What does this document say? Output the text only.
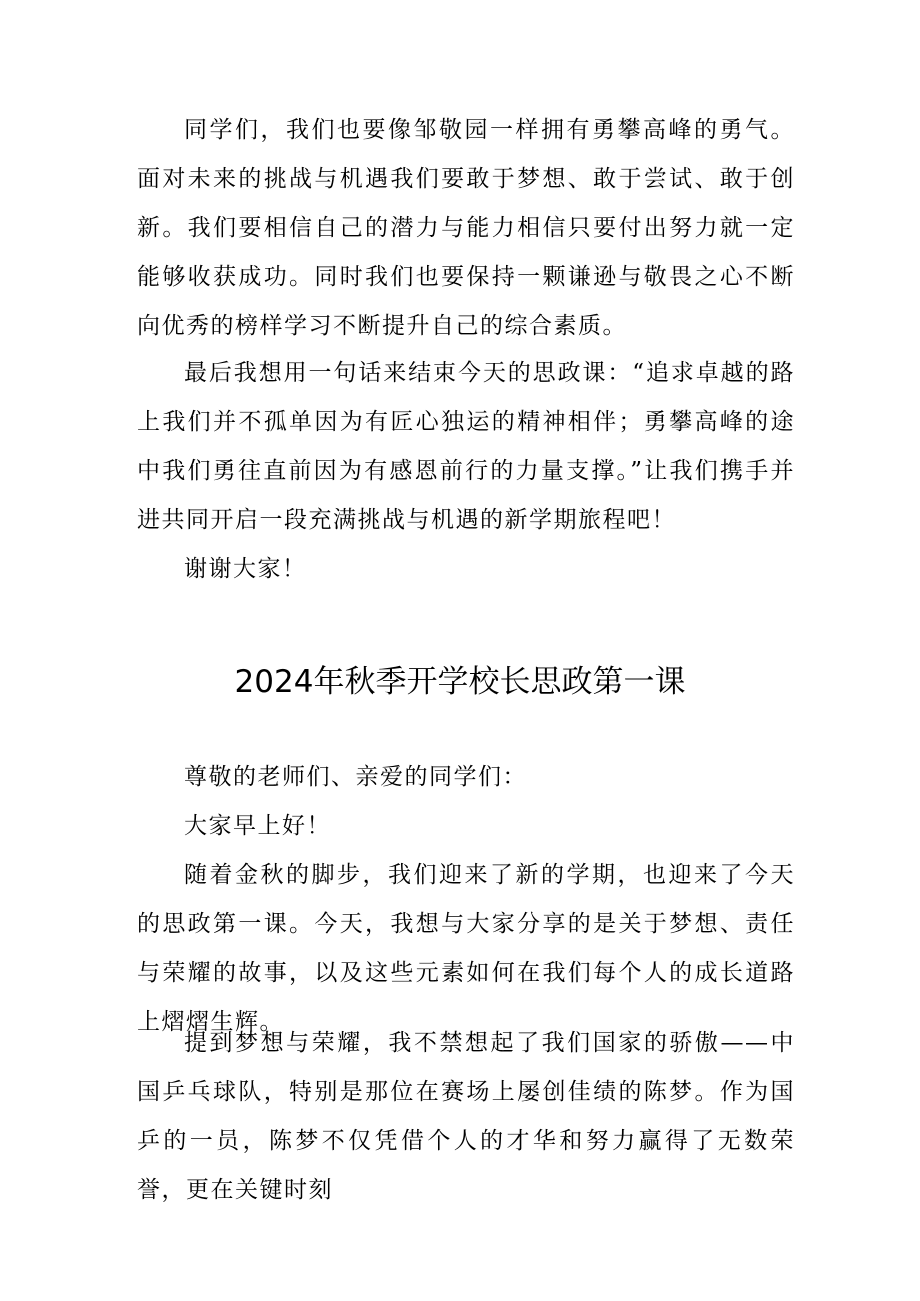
同学们，我们也要像邹敬园一样拥有勇攀高峰的勇气。面对未来的挑战与机遇我们要敢于梦想、敢于尝试、敢于创新。我们要相信自己的潜力与能力相信只要付出努力就一定能够收获成功。同时我们也要保持一颗谦逊与敬畏之心不断向优秀的榜样学习不断提升自己的综合素质。

最后我想用一句话来结束今天的思政课：“追求卓越的路上我们并不孤单因为有匠心独运的精神相伴；勇攀高峰的途中我们勇往直前因为有感恩前行的力量支撑。”让我们携手并进共同开启一段充满挑战与机遇的新学期旅程吧！

谢谢大家！

2024年秋季开学校长思政第一课

尊敬的老师们、亲爱的同学们：

大家早上好！

随着金秋的脚步，我们迎来了新的学期，也迎来了今天的思政第一课。今天，我想与大家分享的是关于梦想、责任与荣耀的故事，以及这些元素如何在我们每个人的成长道路上熠熠生辉。

提到梦想与荣耀，我不禁想起了我们国家的骄傲——中国乒乓球队，特别是那位在赛场上屡创佳绩的陈梦。作为国乒的一员，陈梦不仅凭借个人的才华和努力赢得了无数荣誉，更在关键时刻
